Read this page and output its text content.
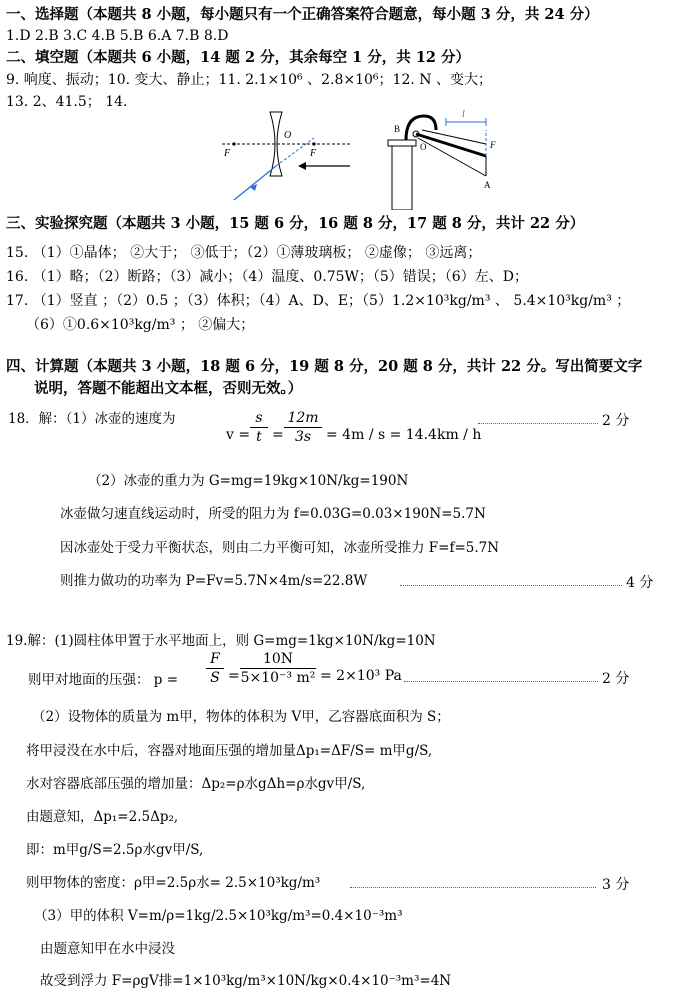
一、选择题（本题共 8 小题，每小题只有一个正确答案符合题意，每小题 3 分，共 24 分）
1.D 2.B 3.C 4.B 5.B 6.A 7.B 8.D
二、填空题（本题共 6 小题，14 题 2 分，其余每空 1 分，共 12 分）
9. 响度、振动；10. 变大、静止；11. 2.1×10⁶ 、2.8×10⁶；12. N 、变大；
13. 2、41.5； 14.
F
O
F
B
O
l
F
A
三、实验探究题（本题共 3 小题，15 题 6 分，16 题 8 分，17 题 8 分，共计 22 分）
15. （1）①晶体； ②大于； ③低于；（2）①薄玻璃板； ②虚像； ③远离；
16. （1）略；（2）断路；（3）减小；（4）温度、0.75W；（5）错误；（6）左、D；
17. （1）竖直 ；（2）0.5 ；（3）体积；（4）A、D、E；（5）1.2×10³kg/m³ 、 5.4×10³kg/m³ ；
（6）①0.6×10³kg/m³ ； ②偏大；
四、计算题（本题共 3 小题，18 题 6 分，19 题 8 分，20 题 8 分，共计 22 分。写出简要文字
说明，答题不能超出文本框，否则无效。）
18．解：（1）冰壶的速度为
$v = \frac{s}{t} = \frac{12m}{3s} = 4m / s = 14.4km / h$
2 分
（2）冰壶的重力为 G=mg=19kg×10N/kg=190N
冰壶做匀速直线运动时，所受的阻力为 f=0.03G=0.03×190N=5.7N
因冰壶处于受力平衡状态，则由二力平衡可知，冰壶所受推力 F=f=5.7N
则推力做功的功率为 P=Fv=5.7N×4m/s=22.8W	4 分
19.解：(1)圆柱体甲置于水平地面上，则 G=mg=1kg×10N/kg=10N
则甲对地面的压强： $p = \frac{F}{S} = \frac{10N}{\text{5×10⁻³ m²}} = 2\times 10^3$ Pa	2 分
（2）设物体的质量为 m甲，物体的体积为 V甲，乙容器底面积为 S；
将甲浸没在水中后，容器对地面压强的增加量Δp₁=ΔF/S= m甲g/S,
水对容器底部压强的增加量：Δp₂=ρ水gΔh=ρ水gv甲/S,
由题意知，Δp₁=2.5Δp₂,
即：m甲g/S=2.5ρ水gv甲/S,
则甲物体的密度：ρ甲=2.5ρ水= 2.5×10³kg/m³	3 分
（3）甲的体积 V=m/ρ=1kg/2.5×10³kg/m³=0.4×10⁻³m³
由题意知甲在水中浸没
故受到浮力 F=ρgV排=1×10³kg/m³×10N/kg×0.4×10⁻³m³=4N
